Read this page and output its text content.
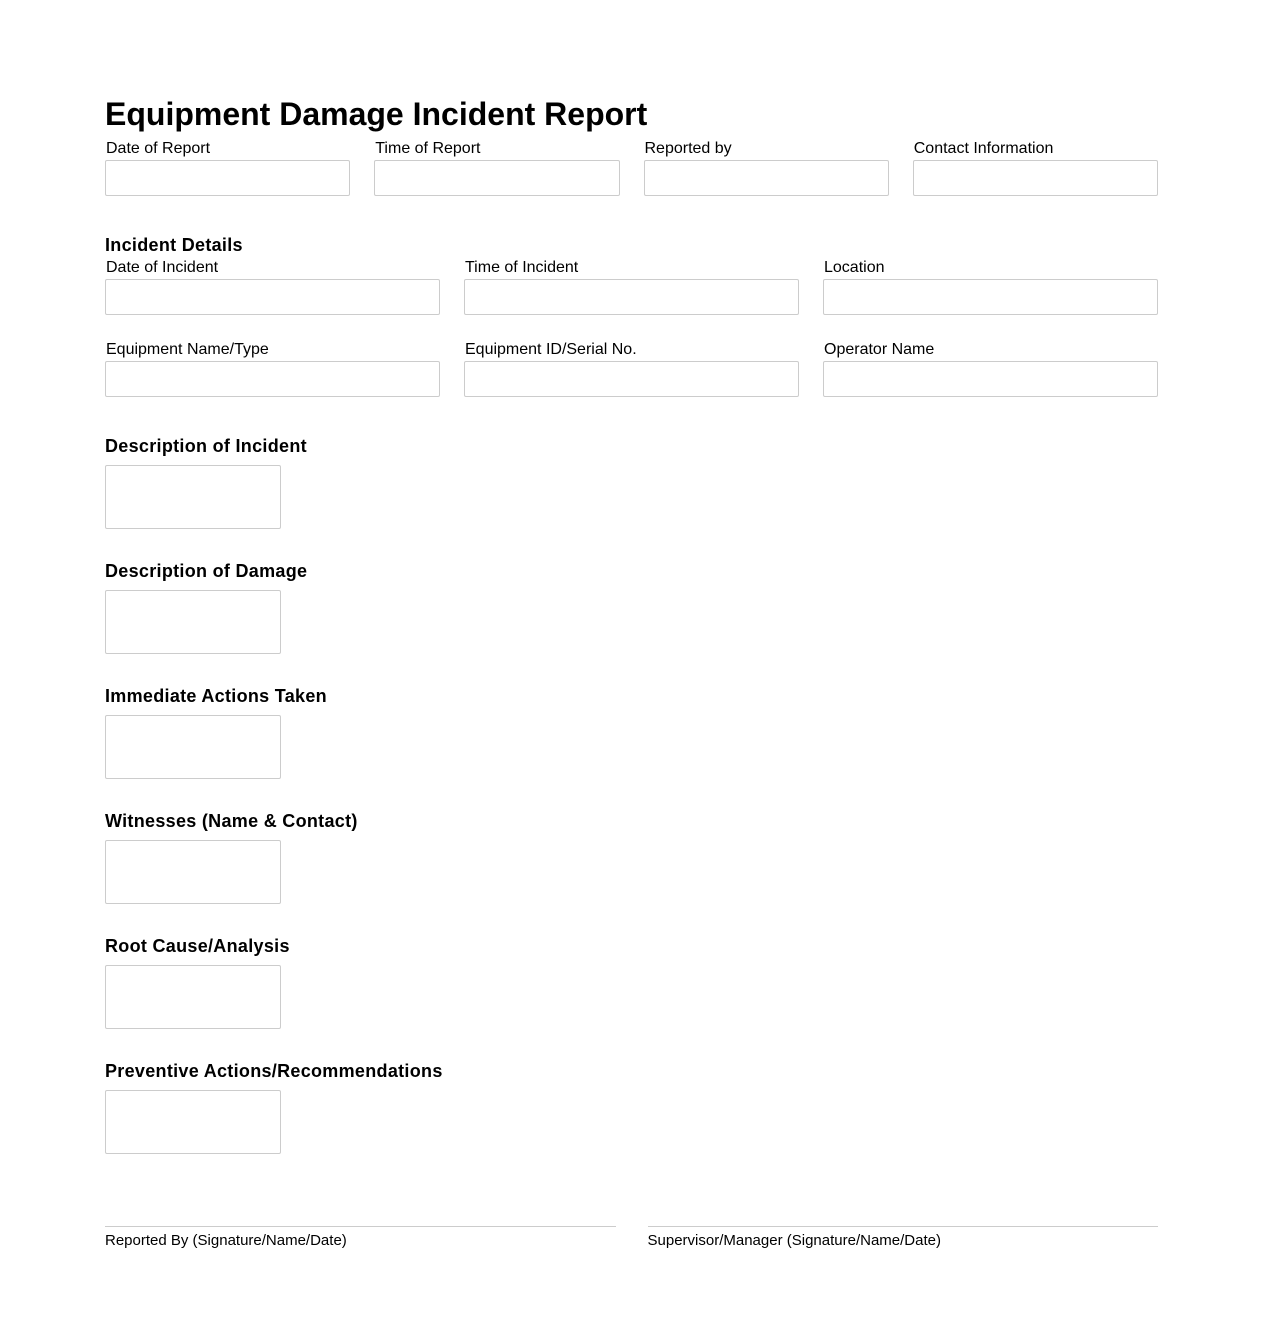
Equipment Damage Incident Report
Date of Report	Time of Report	Reported by	Contact Information
Incident Details
Date of Incident	Time of Incident	Location
Equipment Name/Type	Equipment ID/Serial No.	Operator Name
Description of Incident
Description of Damage
Immediate Actions Taken
Witnesses (Name & Contact)
Root Cause/Analysis
Preventive Actions/Recommendations
Reported By (Signature/Name/Date)	Supervisor/Manager (Signature/Name/Date)
